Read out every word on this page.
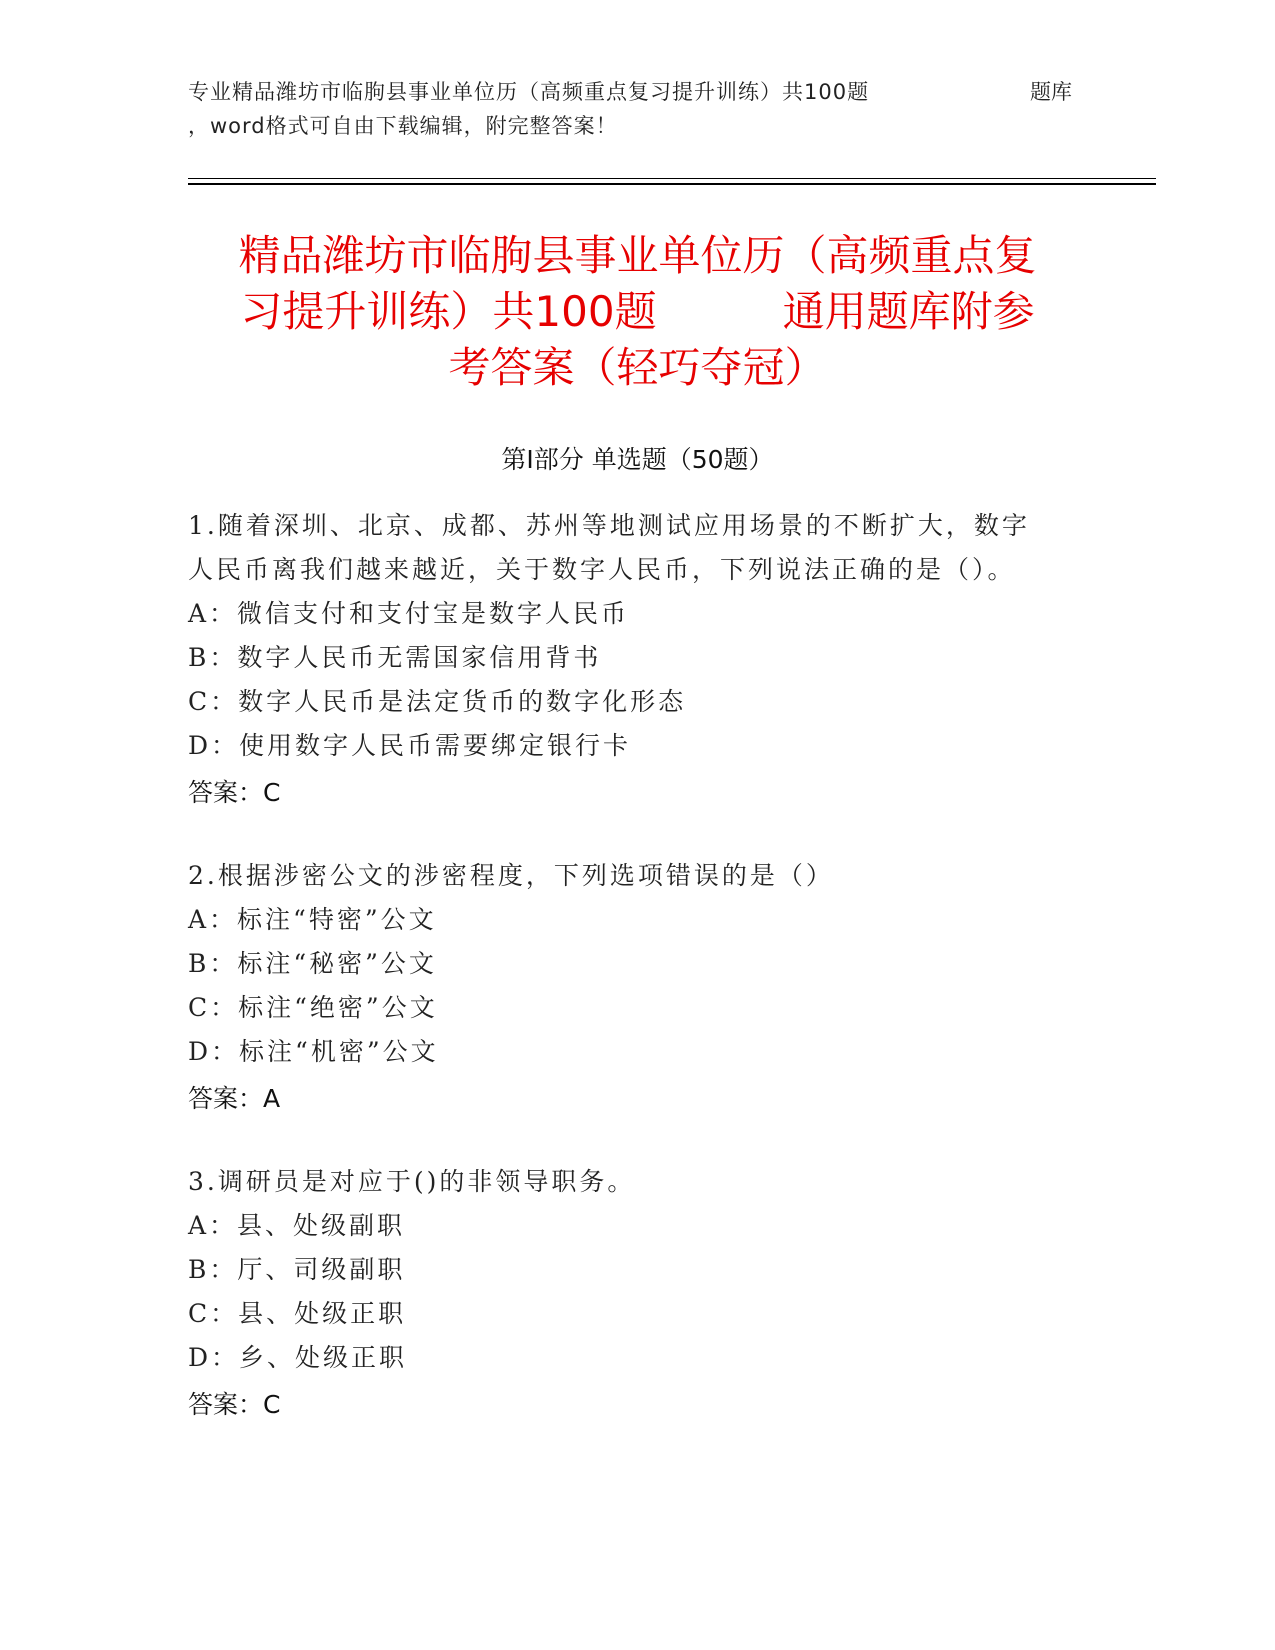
专业精品潍坊市临朐县事业单位历（高频重点复习提升训练）共100题	题库
，word格式可自由下载编辑，附完整答案！
精品潍坊市临朐县事业单位历（高频重点复
习提升训练）共100题　　　通用题库附参
考答案（轻巧夺冠）
第Ⅰ部分 单选题（50题）
1.随着深圳、北京、成都、苏州等地测试应用场景的不断扩大，数字
人民币离我们越来越近，关于数字人民币，下列说法正确的是（）。
A：微信支付和支付宝是数字人民币
B：数字人民币无需国家信用背书
C：数字人民币是法定货币的数字化形态
D：使用数字人民币需要绑定银行卡
答案：C
2.根据涉密公文的涉密程度，下列选项错误的是（）
A：标注“特密”公文
B：标注“秘密”公文
C：标注“绝密”公文
D：标注“机密”公文
答案：A
3.调研员是对应于()的非领导职务。
A：县、处级副职
B：厅、司级副职
C：县、处级正职
D：乡、处级正职
答案：C
